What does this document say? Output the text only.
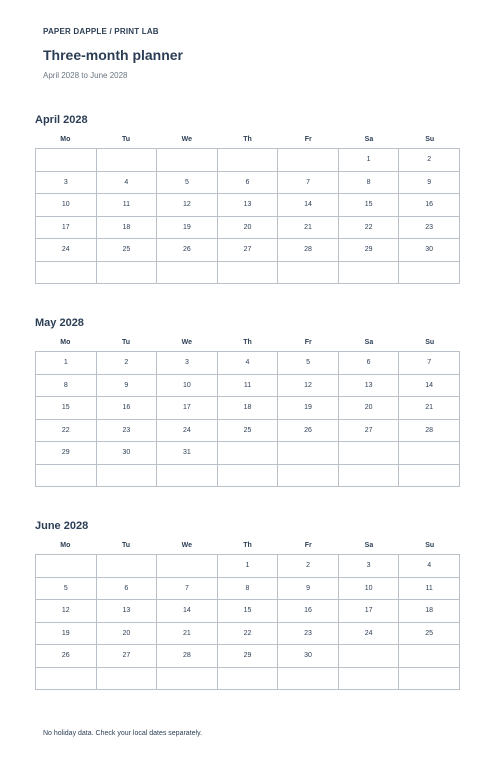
PAPER DAPPLE / PRINT LAB
Three-month planner
April 2028 to June 2028
April 2028
Mo	Tu	We	Th	Fr	Sa	Su
					1	2
3	4	5	6	7	8	9
10	11	12	13	14	15	16
17	18	19	20	21	22	23
24	25	26	27	28	29	30

May 2028
Mo	Tu	We	Th	Fr	Sa	Su
1	2	3	4	5	6	7
8	9	10	11	12	13	14
15	16	17	18	19	20	21
22	23	24	25	26	27	28
29	30	31				

June 2028
Mo	Tu	We	Th	Fr	Sa	Su
			1	2	3	4
5	6	7	8	9	10	11
12	13	14	15	16	17	18
19	20	21	22	23	24	25
26	27	28	29	30		

No holiday data. Check your local dates separately.
